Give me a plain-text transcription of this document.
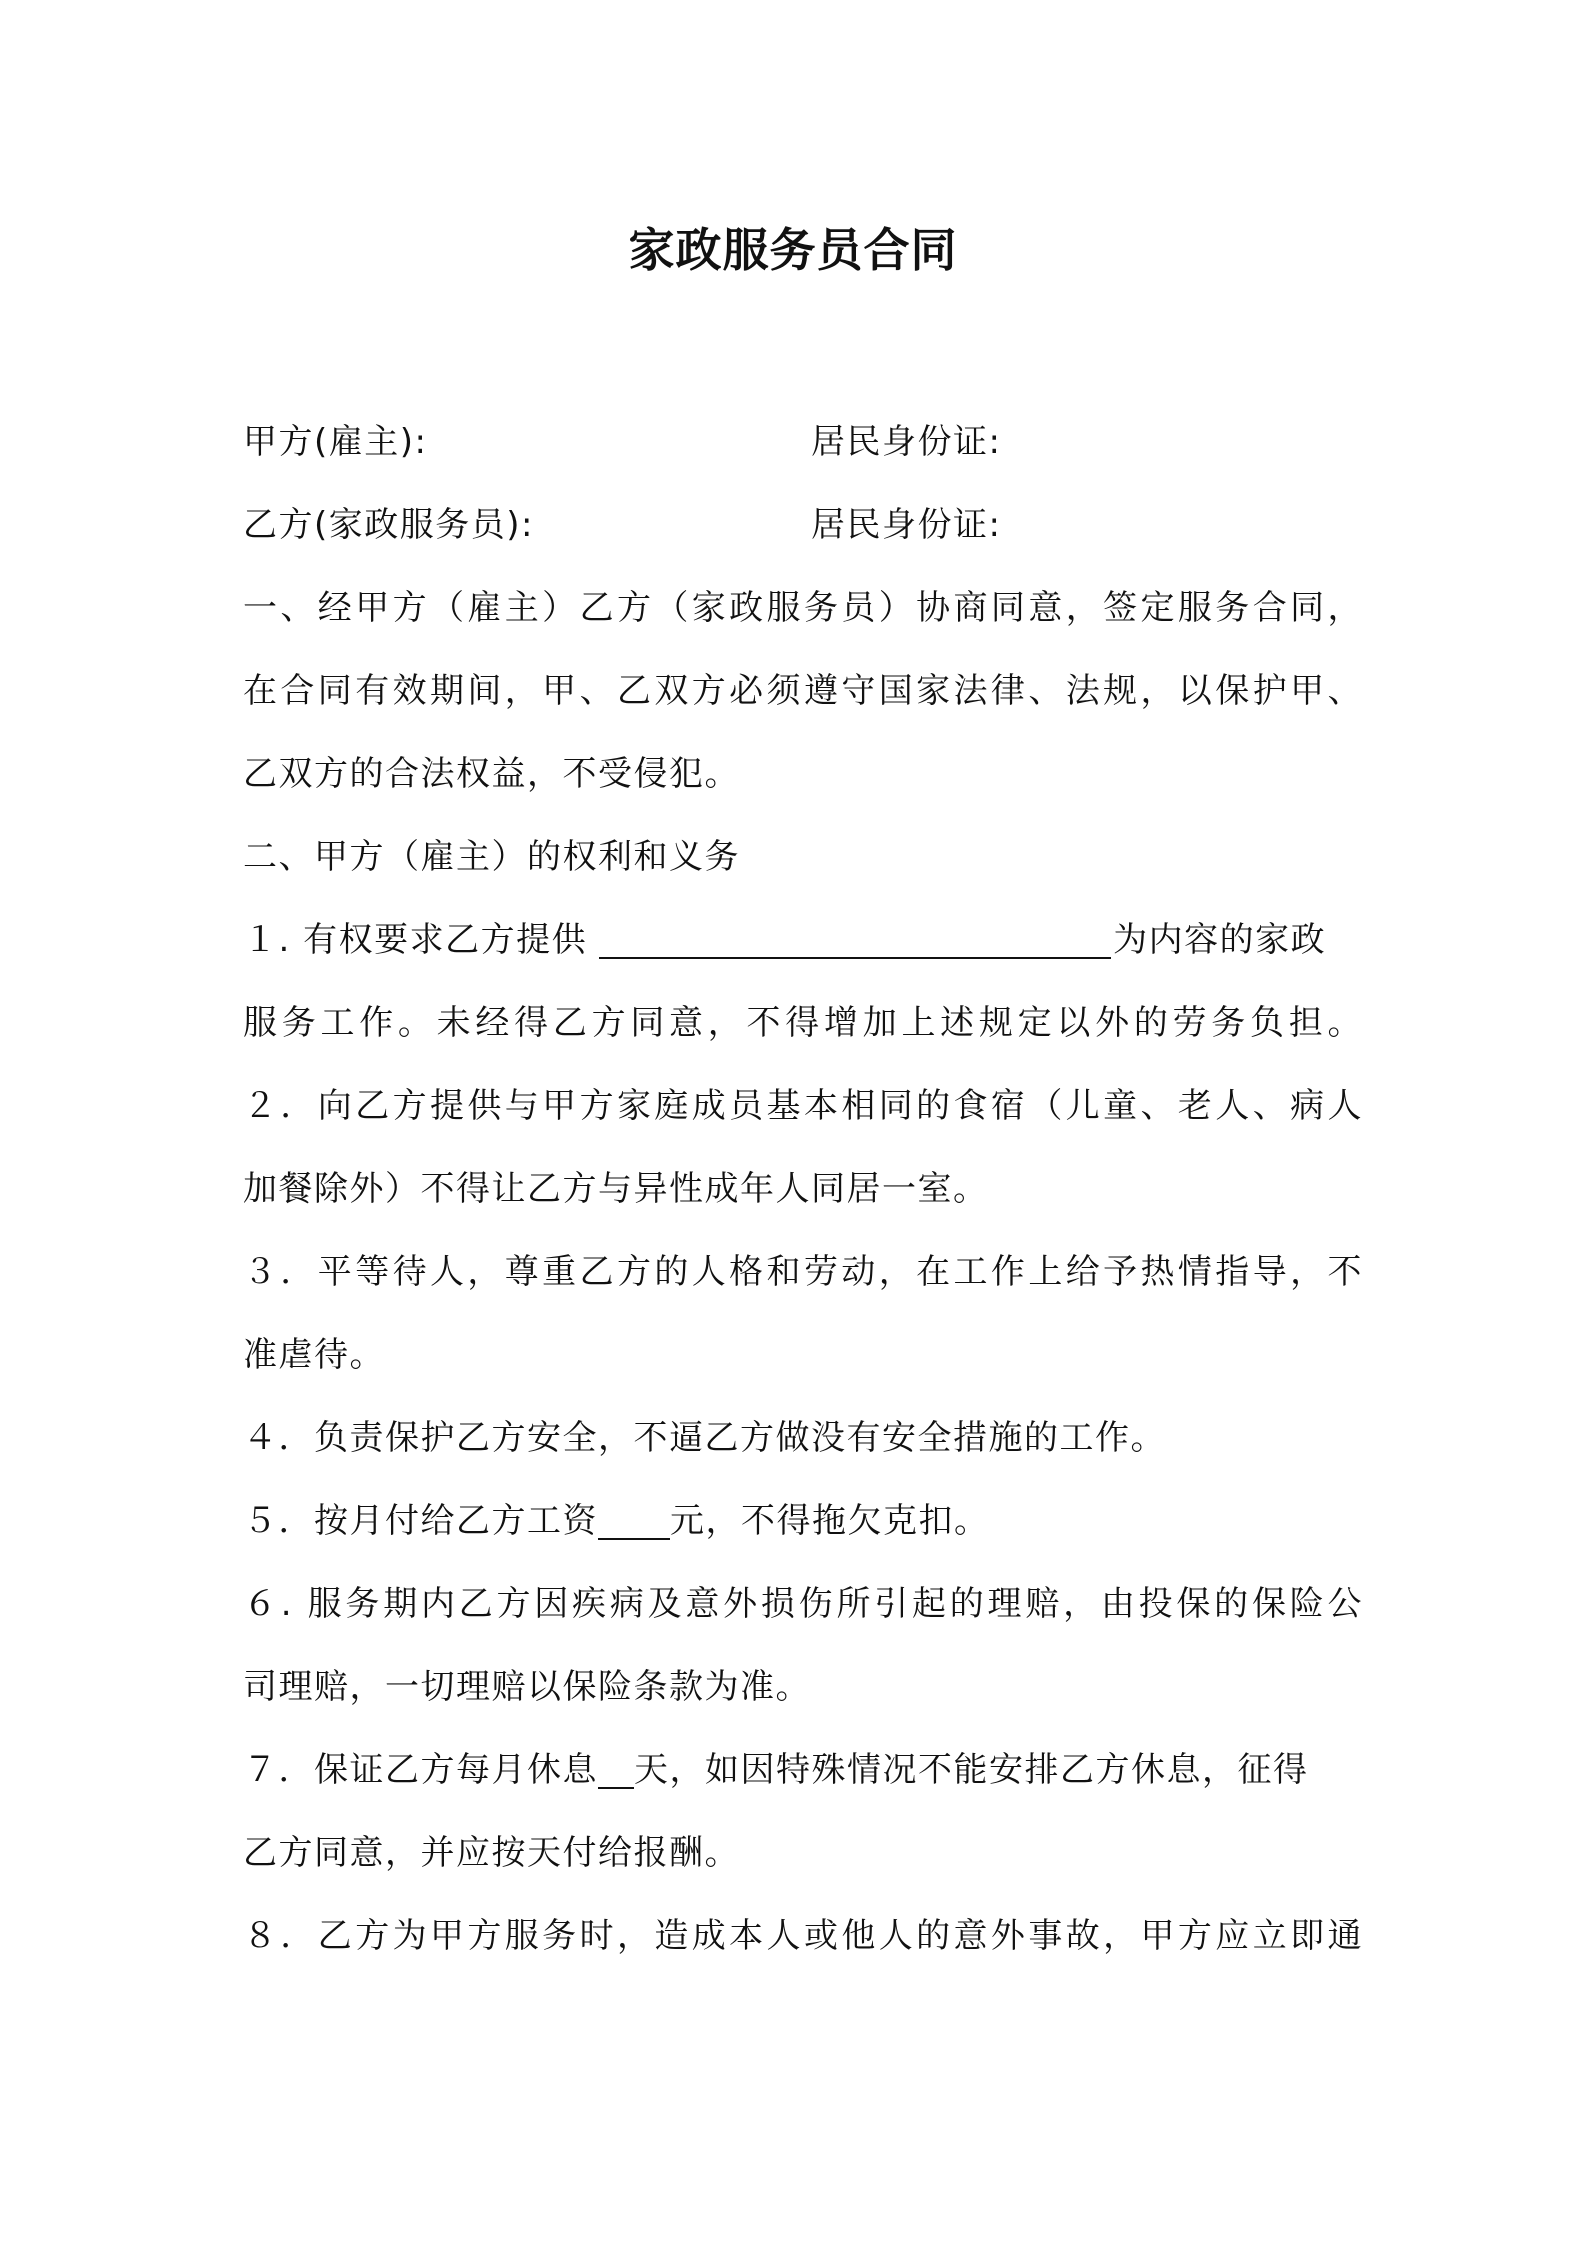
家政服务员合同
甲方(雇主):	居民身份证:
乙方(家政服务员):	居民身份证:
一、经甲方（雇主）乙方（家政服务员）协商同意，签定服务合同，
在合同有效期间，甲、乙双方必须遵守国家法律、法规，以保护甲、
乙双方的合法权益，不受侵犯。
二、甲方（雇主）的权利和义务
１. 有权要求乙方提供	为内容的家政
服务工作。未经得乙方同意，不得增加上述规定以外的劳务负担。
２．向乙方提供与甲方家庭成员基本相同的食宿（儿童、老人、病人
加餐除外）不得让乙方与异性成年人同居一室。
３．平等待人，尊重乙方的人格和劳动，在工作上给予热情指导，不
准虐待。
４．负责保护乙方安全，不逼乙方做没有安全措施的工作。
５．按月付给乙方工资 元，不得拖欠克扣。
６. 服务期内乙方因疾病及意外损伤所引起的理赔，由投保的保险公
司理赔，一切理赔以保险条款为准。
７．保证乙方每月休息 天，如因特殊情况不能安排乙方休息，征得
乙方同意，并应按天付给报酬。
８．乙方为甲方服务时，造成本人或他人的意外事故，甲方应立即通
